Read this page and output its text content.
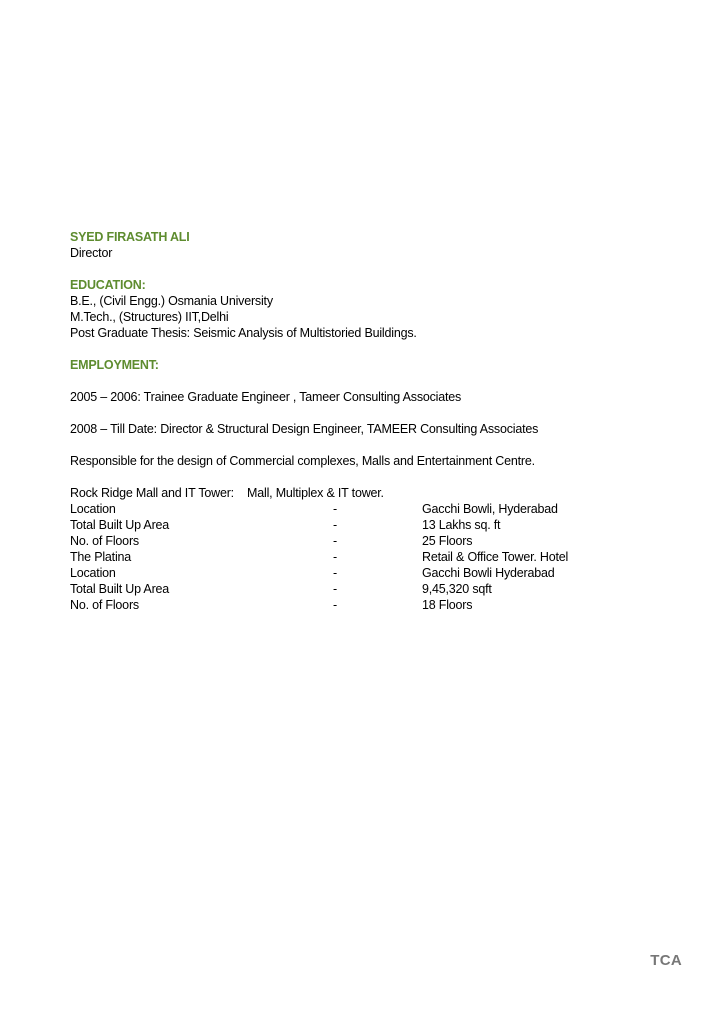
SYED FIRASATH ALI
Director
EDUCATION:
B.E., (Civil Engg.) Osmania University
M.Tech., (Structures) IIT,Delhi
Post Graduate Thesis: Seismic Analysis of Multistoried Buildings.
EMPLOYMENT:
2005 – 2006: Trainee Graduate Engineer , Tameer Consulting Associates
2008 – Till Date: Director & Structural Design Engineer, TAMEER Consulting Associates
Responsible for the design of Commercial complexes, Malls and Entertainment Centre.
Rock Ridge Mall and IT Tower:    Mall, Multiplex & IT tower.
Location	-	Gacchi Bowli, Hyderabad
Total Built Up Area	-	13 Lakhs sq. ft
No. of Floors	-	25 Floors
The Platina	-	Retail & Office Tower. Hotel
Location	-	Gacchi Bowli Hyderabad
Total Built Up Area	-	9,45,320 sqft
No. of Floors	-	18 Floors
TCA
